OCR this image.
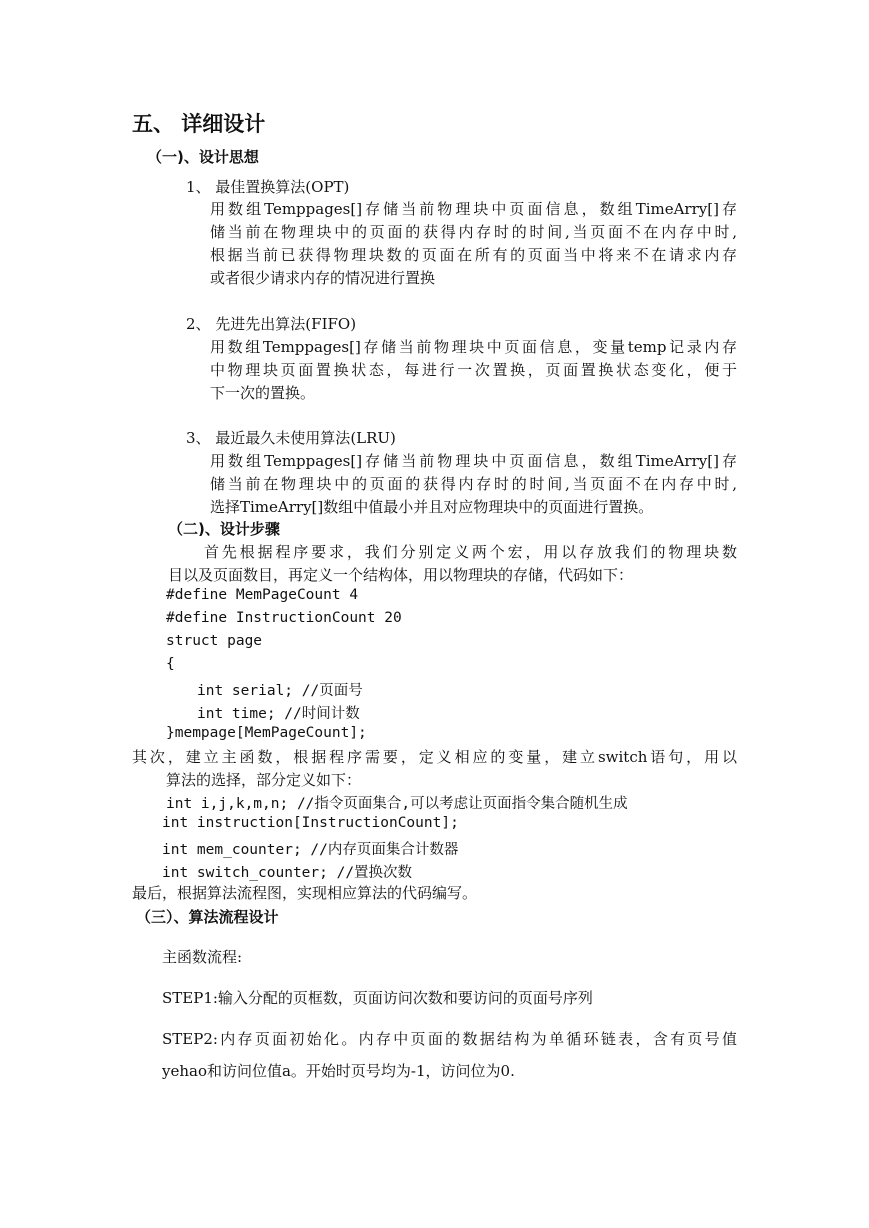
五、 详细设计
（一)、设计思想
1、 最佳置换算法(OPT)
用数组Temppages[]存储当前物理块中页面信息，数组TimeArry[]存
储当前在物理块中的页面的获得内存时的时间,当页面不在内存中时,
根据当前已获得物理块数的页面在所有的页面当中将来不在请求内存
或者很少请求内存的情况进行置换
2、 先进先出算法(FIFO)
用数组Temppages[]存储当前物理块中页面信息，变量temp记录内存
中物理块页面置换状态，每进行一次置换，页面置换状态变化，便于
下一次的置换。
3、 最近最久未使用算法(LRU)
用数组Temppages[]存储当前物理块中页面信息，数组TimeArry[]存
储当前在物理块中的页面的获得内存时的时间,当页面不在内存中时,
选择TimeArry[]数组中值最小并且对应物理块中的页面进行置换。
（二)、设计步骤
首先根据程序要求，我们分别定义两个宏，用以存放我们的物理块数
目以及页面数目，再定义一个结构体，用以物理块的存储，代码如下：
#define MemPageCount 4
#define InstructionCount 20
struct page
{
int serial; //页面号
int time; //时间计数
}mempage[MemPageCount];
其次，建立主函数，根据程序需要，定义相应的变量，建立switch语句，用以
算法的选择，部分定义如下：
int i,j,k,m,n; //指令页面集合,可以考虑让页面指令集合随机生成
int instruction[InstructionCount];
int mem_counter; //内存页面集合计数器
int switch_counter; //置换次数
最后，根据算法流程图，实现相应算法的代码编写。
（三）、算法流程设计
主函数流程:
STEP1:输入分配的页框数，页面访问次数和要访问的页面号序列
STEP2:内存页面初始化。内存中页面的数据结构为单循环链表，含有页号值
yehao和访问位值a。开始时页号均为-1，访问位为0.
